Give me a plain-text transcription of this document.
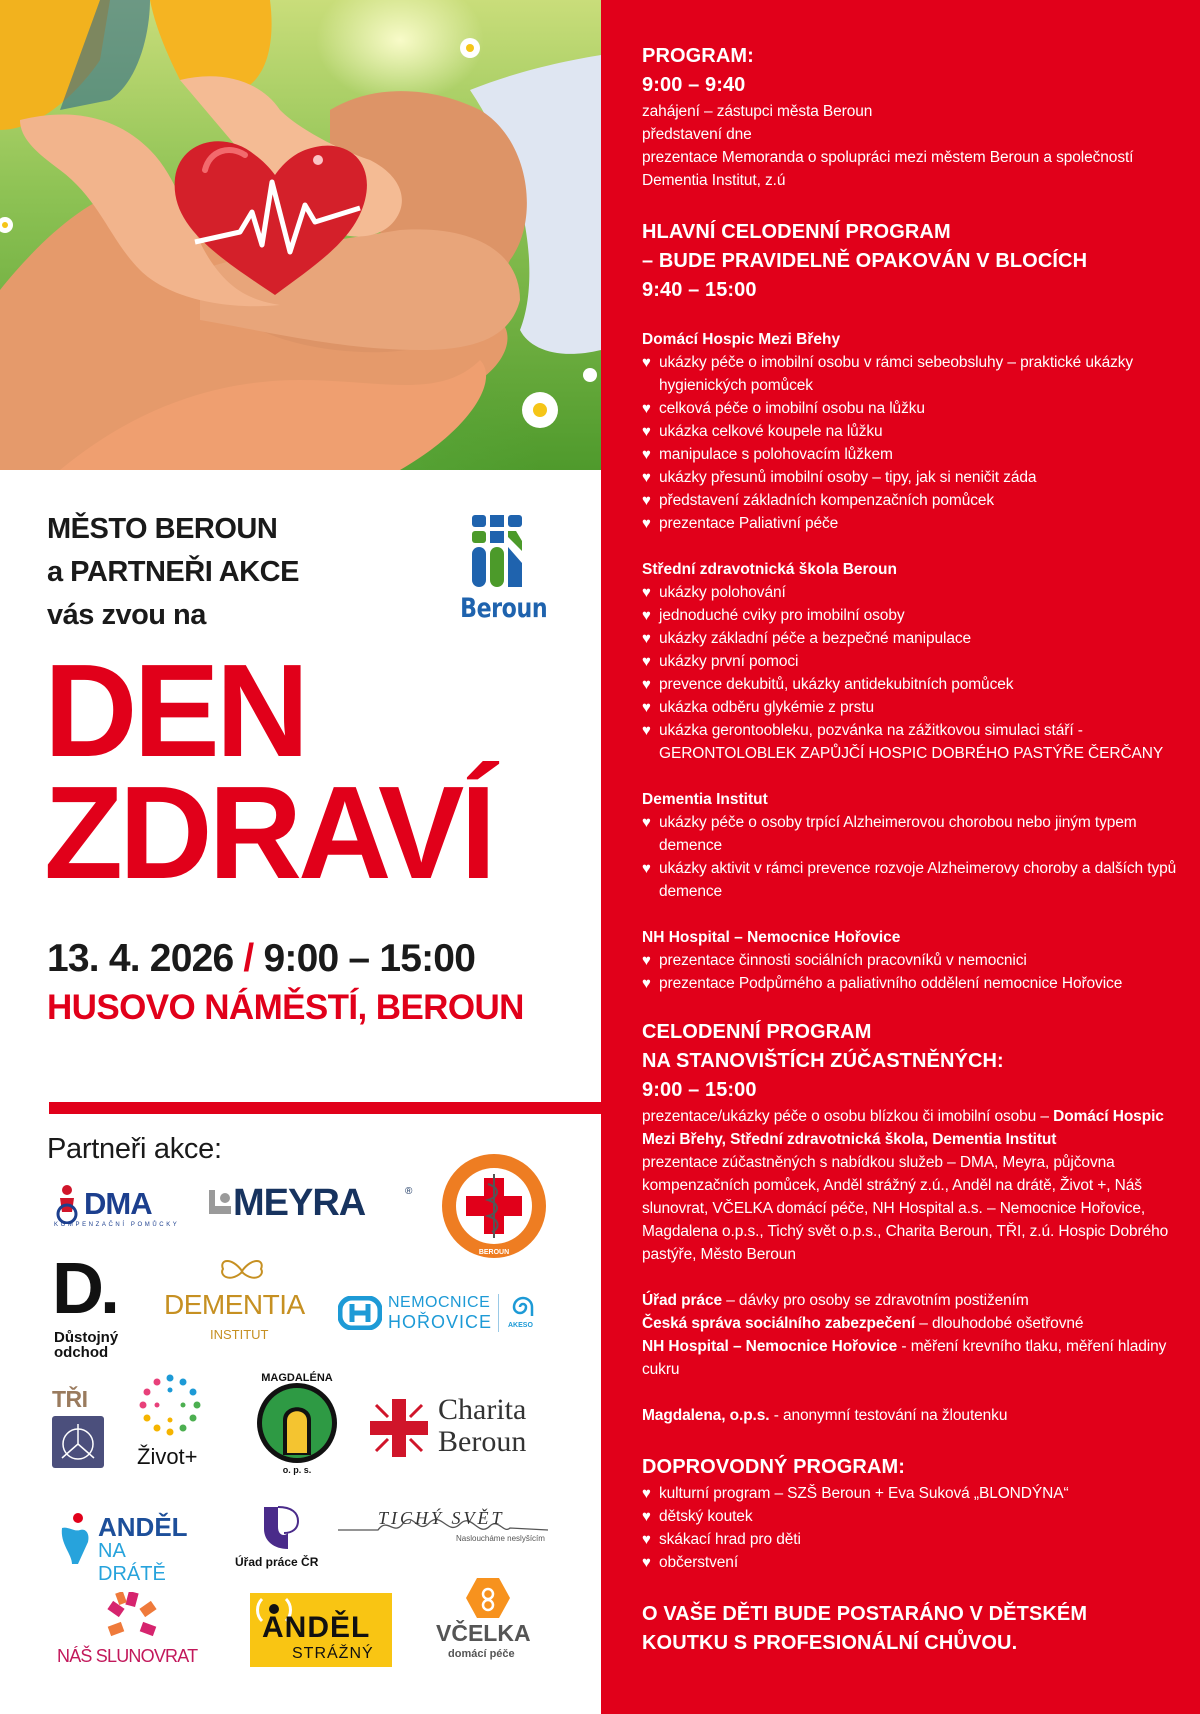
MĚSTO BEROUN
a PARTNEŘI AKCE
vás zvou na	Beroun
DEN
ZDRAVÍ
13. 4. 2026 / 9:00 – 15:00
HUSOVO NÁMĚSTÍ, BEROUN
Partneři akce:
DMA
KOMPENZAČNÍ POMŮCKY
MEYRA	®
BEROUN
D.
Důstojný
odchod
DEMENTIA
INSTITUT
NEMOCNICE
HOŘOVICE AKESO
TŘI
Život+
MAGDALÉNA
o. p. s.
Charita
Beroun
ANDĚL
NA DRÁTĚ
Úřad práce ČR
TICHÝ SVĚT
Nasloucháme neslyšícím
NÁŠ SLUNOVRAT
ANDĚL
STRÁŽNÝ
VČELKA
domácí péče
PROGRAM:
9:00 – 9:40
zahájení – zástupci města Beroun
představení dne
prezentace Memoranda o spolupráci mezi městem Beroun a společností
Dementia Institut, z.ú
HLAVNÍ CELODENNÍ PROGRAM
– BUDE PRAVIDELNĚ OPAKOVÁN V BLOCÍCH
9:40 – 15:00
Domácí Hospic Mezi Břehy
♥ ukázky péče o imobilní osobu v rámci sebeobsluhy – praktické ukázky hygienických pomůcek
♥ celková péče o imobilní osobu na lůžku
♥ ukázka celkové koupele na lůžku
♥ manipulace s polohovacím lůžkem
♥ ukázky přesunů imobilní osoby – tipy, jak si neničit záda
♥ představení základních kompenzačních pomůcek
♥ prezentace Paliativní péče
Střední zdravotnická škola Beroun
♥ ukázky polohování
♥ jednoduché cviky pro imobilní osoby
♥ ukázky základní péče a bezpečné manipulace
♥ ukázky první pomoci
♥ prevence dekubitů, ukázky antidekubitních pomůcek
♥ ukázka odběru glykémie z prstu
♥ ukázka gerontoobleku, pozvánka na zážitkovou simulaci stáří - GERONTOLOBLEK ZAPŮJČÍ HOSPIC DOBRÉHO PASTÝŘE ČERČANY
Dementia Institut
♥ ukázky péče o osoby trpící Alzheimerovou chorobou nebo jiným typem demence
♥ ukázky aktivit v rámci prevence rozvoje Alzheimerovy choroby a dalších typů demence
NH Hospital – Nemocnice Hořovice
♥ prezentace činnosti sociálních pracovníků v nemocnici
♥ prezentace Podpůrného a paliativního oddělení nemocnice Hořovice
CELODENNÍ PROGRAM
NA STANOVIŠTÍCH ZÚČASTNĚNÝCH:
9:00 – 15:00
prezentace/ukázky péče o osobu blízkou či imobilní osobu – Domácí Hospic Mezi Břehy, Střední zdravotnická škola, Dementia Institut
prezentace zúčastněných s nabídkou služeb – DMA, Meyra, půjčovna kompenzačních pomůcek, Anděl strážný z.ú., Anděl na drátě, Život +, Náš slunovrat, VČELKA domácí péče, NH Hospital a.s. – Nemocnice Hořovice, Magdalena o.p.s., Tichý svět o.p.s., Charita Beroun, TŘI, z.ú. Hospic Dobrého pastýře, Město Beroun
Úřad práce – dávky pro osoby se zdravotním postižením
Česká správa sociálního zabezpečení – dlouhodobé ošetřovné
NH Hospital – Nemocnice Hořovice - měření krevního tlaku, měření hladiny cukru
Magdalena, o.p.s. - anonymní testování na žloutenku
DOPROVODNÝ PROGRAM:
♥ kulturní program – SZŠ Beroun + Eva Suková „BLONDÝNA“
♥ dětský koutek
♥ skákací hrad pro děti
♥ občerstvení
O VAŠE DĚTI BUDE POSTARÁNO V DĚTSKÉM
KOUTKU S PROFESIONÁLNÍ CHŮVOU.
